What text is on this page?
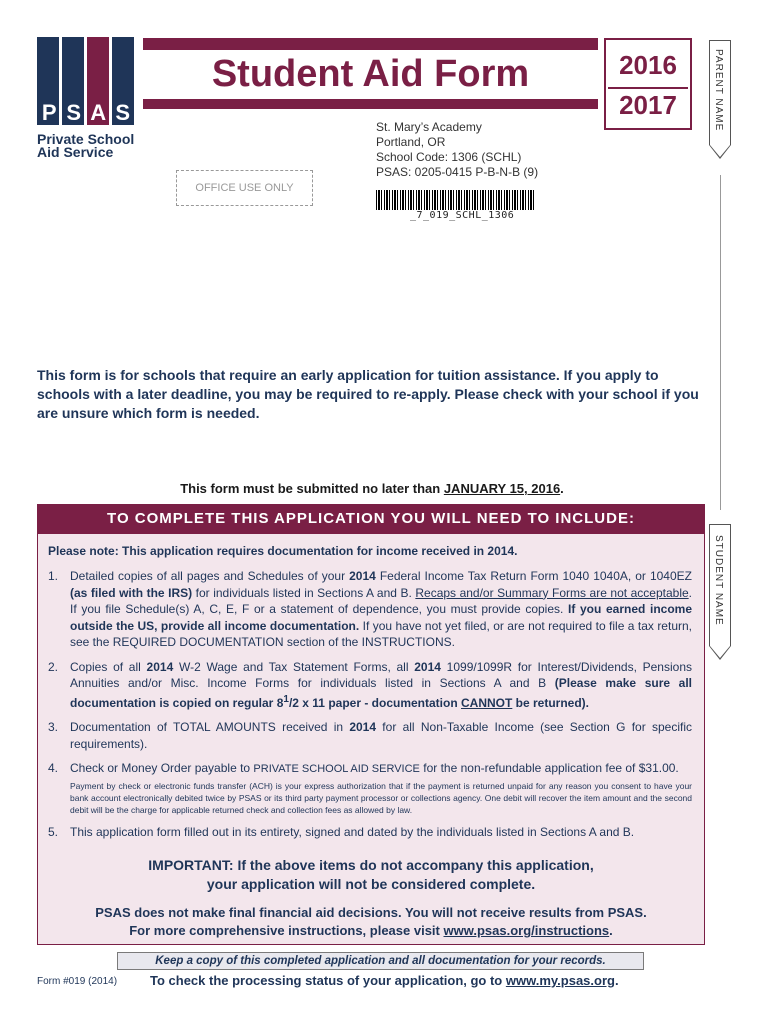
P S A S
Private School
Aid Service
Student Aid Form	2016
2017	PARENT NAME
STUDENT NAME
St. Mary’s Academy
Portland, OR
School Code: 1306 (SCHL)
PSAS: 0205-0415 P-B-N-B (9)
OFFICE USE ONLY
_7_019_SCHL_1306
This form is for schools that require an early application for tuition assistance. If you apply to schools with a later deadline, you may be required to re-apply. Please check with your school if you are unsure which form is needed.
This form must be submitted no later than JANUARY 15, 2016.
TO COMPLETE THIS APPLICATION YOU WILL NEED TO INCLUDE:
Please note: This application requires documentation for income received in 2014.
1. Detailed copies of all pages and Schedules of your 2014 Federal Income Tax Return Form 1040 1040A, or 1040EZ (as filed with the IRS) for individuals listed in Sections A and B. Recaps and/or Summary Forms are not acceptable. If you file Schedule(s) A, C, E, F or a statement of dependence, you must provide copies. If you earned income outside the US, provide all income documentation. If you have not yet filed, or are not required to file a tax return, see the REQUIRED DOCUMENTATION section of the INSTRUCTIONS.
2. Copies of all 2014 W-2 Wage and Tax Statement Forms, all 2014 1099/1099R for Interest/Dividends, Pensions Annuities and/or Misc. Income Forms for individuals listed in Sections A and B (Please make sure all documentation is copied on regular $8^1/2$ x 11 paper - documentation CANNOT be returned).
3. Documentation of TOTAL AMOUNTS received in 2014 for all Non-Taxable Income (see Section G for specific requirements).
4. Check or Money Order payable to PRIVATE SCHOOL AID SERVICE for the non-refundable application fee of $31.00.
Payment by check or electronic funds transfer (ACH) is your express authorization that if the payment is returned unpaid for any reason you consent to have your bank account electronically debited twice by PSAS or its third party payment processor or collections agency. One debit will recover the item amount and the second debit will be the charge for applicable returned check and collection fees as allowed by law.
5. This application form filled out in its entirety, signed and dated by the individuals listed in Sections A and B.
IMPORTANT: If the above items do not accompany this application,
your application will not be considered complete.
PSAS does not make final financial aid decisions. You will not receive results from PSAS.
For more comprehensive instructions, please visit www.psas.org/instructions.
Keep a copy of this completed application and all documentation for your records.
Form #019 (2014)	To check the processing status of your application, go to www.my.psas.org.
